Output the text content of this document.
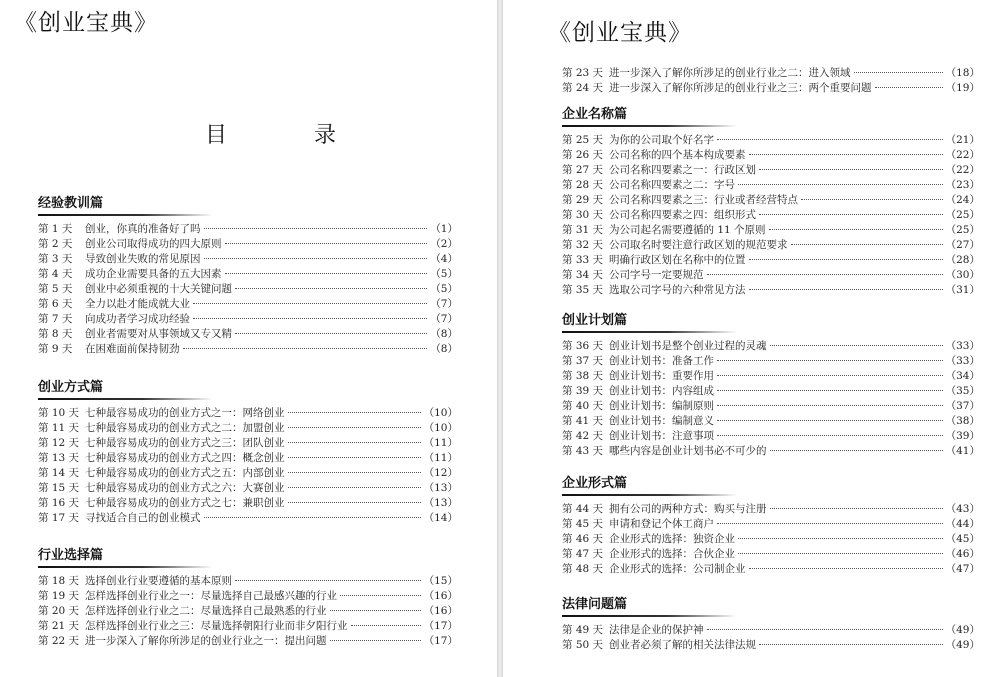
《创业宝典》
目 录
《创业宝典》
经验教训篇
第 1 天	创业，你真的准备好了吗	（1）
第 2 天	创业公司取得成功的四大原则	（2）
第 3 天	导致创业失败的常见原因	（4）
第 4 天	成功企业需要具备的五大因素	（5）
第 5 天	创业中必须重视的十大关键问题	（5）
第 6 天	全力以赴才能成就大业	（7）
第 7 天	向成功者学习成功经验	（7）
第 8 天	创业者需要对从事领域又专又精	（8）
第 9 天	在困难面前保持韧劲	（8）
创业方式篇
第 10 天 七种最容易成功的创业方式之一：网络创业	（10）
第 11 天 七种最容易成功的创业方式之二：加盟创业	（10）
第 12 天 七种最容易成功的创业方式之三：团队创业	（11）
第 13 天 七种最容易成功的创业方式之四：概念创业	（11）
第 14 天 七种最容易成功的创业方式之五：内部创业	（12）
第 15 天 七种最容易成功的创业方式之六：大赛创业	（13）
第 16 天 七种最容易成功的创业方式之七：兼职创业	（13）
第 17 天 寻找适合自己的创业模式	（14）
行业选择篇
第 18 天 选择创业行业要遵循的基本原则	（15）
第 19 天 怎样选择创业行业之一：尽量选择自己最感兴趣的行业	（16）
第 20 天 怎样选择创业行业之二：尽量选择自己最熟悉的行业	（16）
第 21 天 怎样选择创业行业之三：尽量选择朝阳行业而非夕阳行业	（17）
第 22 天 进一步深入了解你所涉足的创业行业之一：提出问题	（17）
第 23 天 进一步深入了解你所涉足的创业行业之二：进入领域	（18）
第 24 天 进一步深入了解你所涉足的创业行业之三：两个重要问题	（19）
企业名称篇
第 25 天 为你的公司取个好名字	（21）
第 26 天 公司名称的四个基本构成要素	（22）
第 27 天 公司名称四要素之一：行政区划	（22）
第 28 天 公司名称四要素之二：字号	（23）
第 29 天 公司名称四要素之三：行业或者经营特点	（24）
第 30 天 公司名称四要素之四：组织形式	（25）
第 31 天 为公司起名需要遵循的 11 个原则	（25）
第 32 天 公司取名时要注意行政区划的规范要求	（27）
第 33 天 明确行政区划在名称中的位置	（28）
第 34 天 公司字号一定要规范	（30）
第 35 天 选取公司字号的六种常见方法	（31）
创业计划篇
第 36 天 创业计划书是整个创业过程的灵魂	（33）
第 37 天 创业计划书：准备工作	（33）
第 38 天 创业计划书：重要作用	（34）
第 39 天 创业计划书：内容组成	（35）
第 40 天 创业计划书：编制原则	（37）
第 41 天 创业计划书：编制意义	（38）
第 42 天 创业计划书：注意事项	（39）
第 43 天 哪些内容是创业计划书必不可少的	（41）
企业形式篇
第 44 天 拥有公司的两种方式：购买与注册	（43）
第 45 天 申请和登记个体工商户	（44）
第 46 天 企业形式的选择：独资企业	（45）
第 47 天 企业形式的选择：合伙企业	（46）
第 48 天 企业形式的选择：公司制企业	（47）
法律问题篇
第 49 天 法律是企业的保护神	（49）
第 50 天 创业者必须了解的相关法律法规	（49）
